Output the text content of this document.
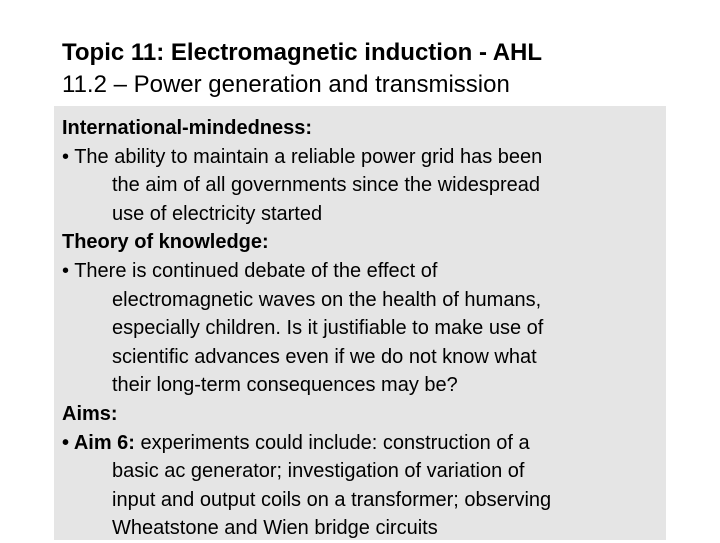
Topic 11: Electromagnetic induction - AHL
11.2 – Power generation and transmission
International-mindedness:
• The ability to maintain a reliable power grid has been
the aim of all governments since the widespread
use of electricity started
Theory of knowledge:
• There is continued debate of the effect of
electromagnetic waves on the health of humans,
especially children. Is it justifiable to make use of
scientific advances even if we do not know what
their long-term consequences may be?
Aims:
• Aim 6: experiments could include: construction of a
basic ac generator; investigation of variation of
input and output coils on a transformer; observing
Wheatstone and Wien bridge circuits
